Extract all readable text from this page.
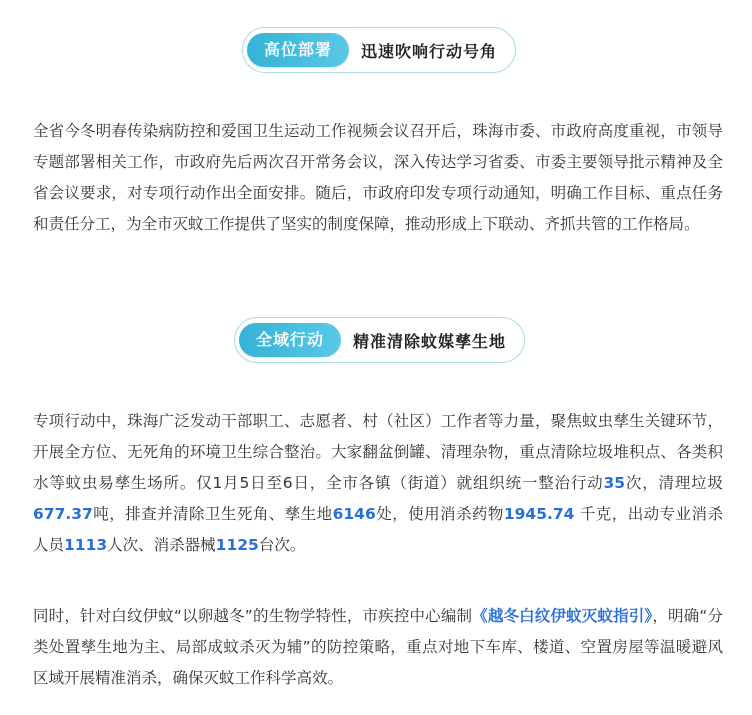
高位部署	迅速吹响行动号角

全省今冬明春传染病防控和爱国卫生运动工作视频会议召开后，珠海市委、市政府高度重视，市领导专题部署相关工作，市政府先后两次召开常务会议，深入传达学习省委、市委主要领导批示精神及全省会议要求，对专项行动作出全面安排。随后，市政府印发专项行动通知，明确工作目标、重点任务和责任分工，为全市灭蚊工作提供了坚实的制度保障，推动形成上下联动、齐抓共管的工作格局。

全域行动	精准清除蚊媒孳生地

专项行动中，珠海广泛发动干部职工、志愿者、村（社区）工作者等力量，聚焦蚊虫孳生关键环节，开展全方位、无死角的环境卫生综合整治。大家翻盆倒罐、清理杂物，重点清除垃圾堆积点、各类积水等蚊虫易孳生场所。仅1月5日至6日，全市各镇（街道）就组织统一整治行动35次，清理垃圾677.37吨，排查并清除卫生死角、孳生地6146处，使用消杀药物1945.74 千克，出动专业消杀人员1113人次、消杀器械1125台次。

同时，针对白纹伊蚊“以卵越冬”的生物学特性，市疾控中心编制《越冬白纹伊蚊灭蚊指引》，明确“分类处置孳生地为主、局部成蚊杀灭为辅”的防控策略，重点对地下车库、楼道、空置房屋等温暖避风区域开展精准消杀，确保灭蚊工作科学高效。
